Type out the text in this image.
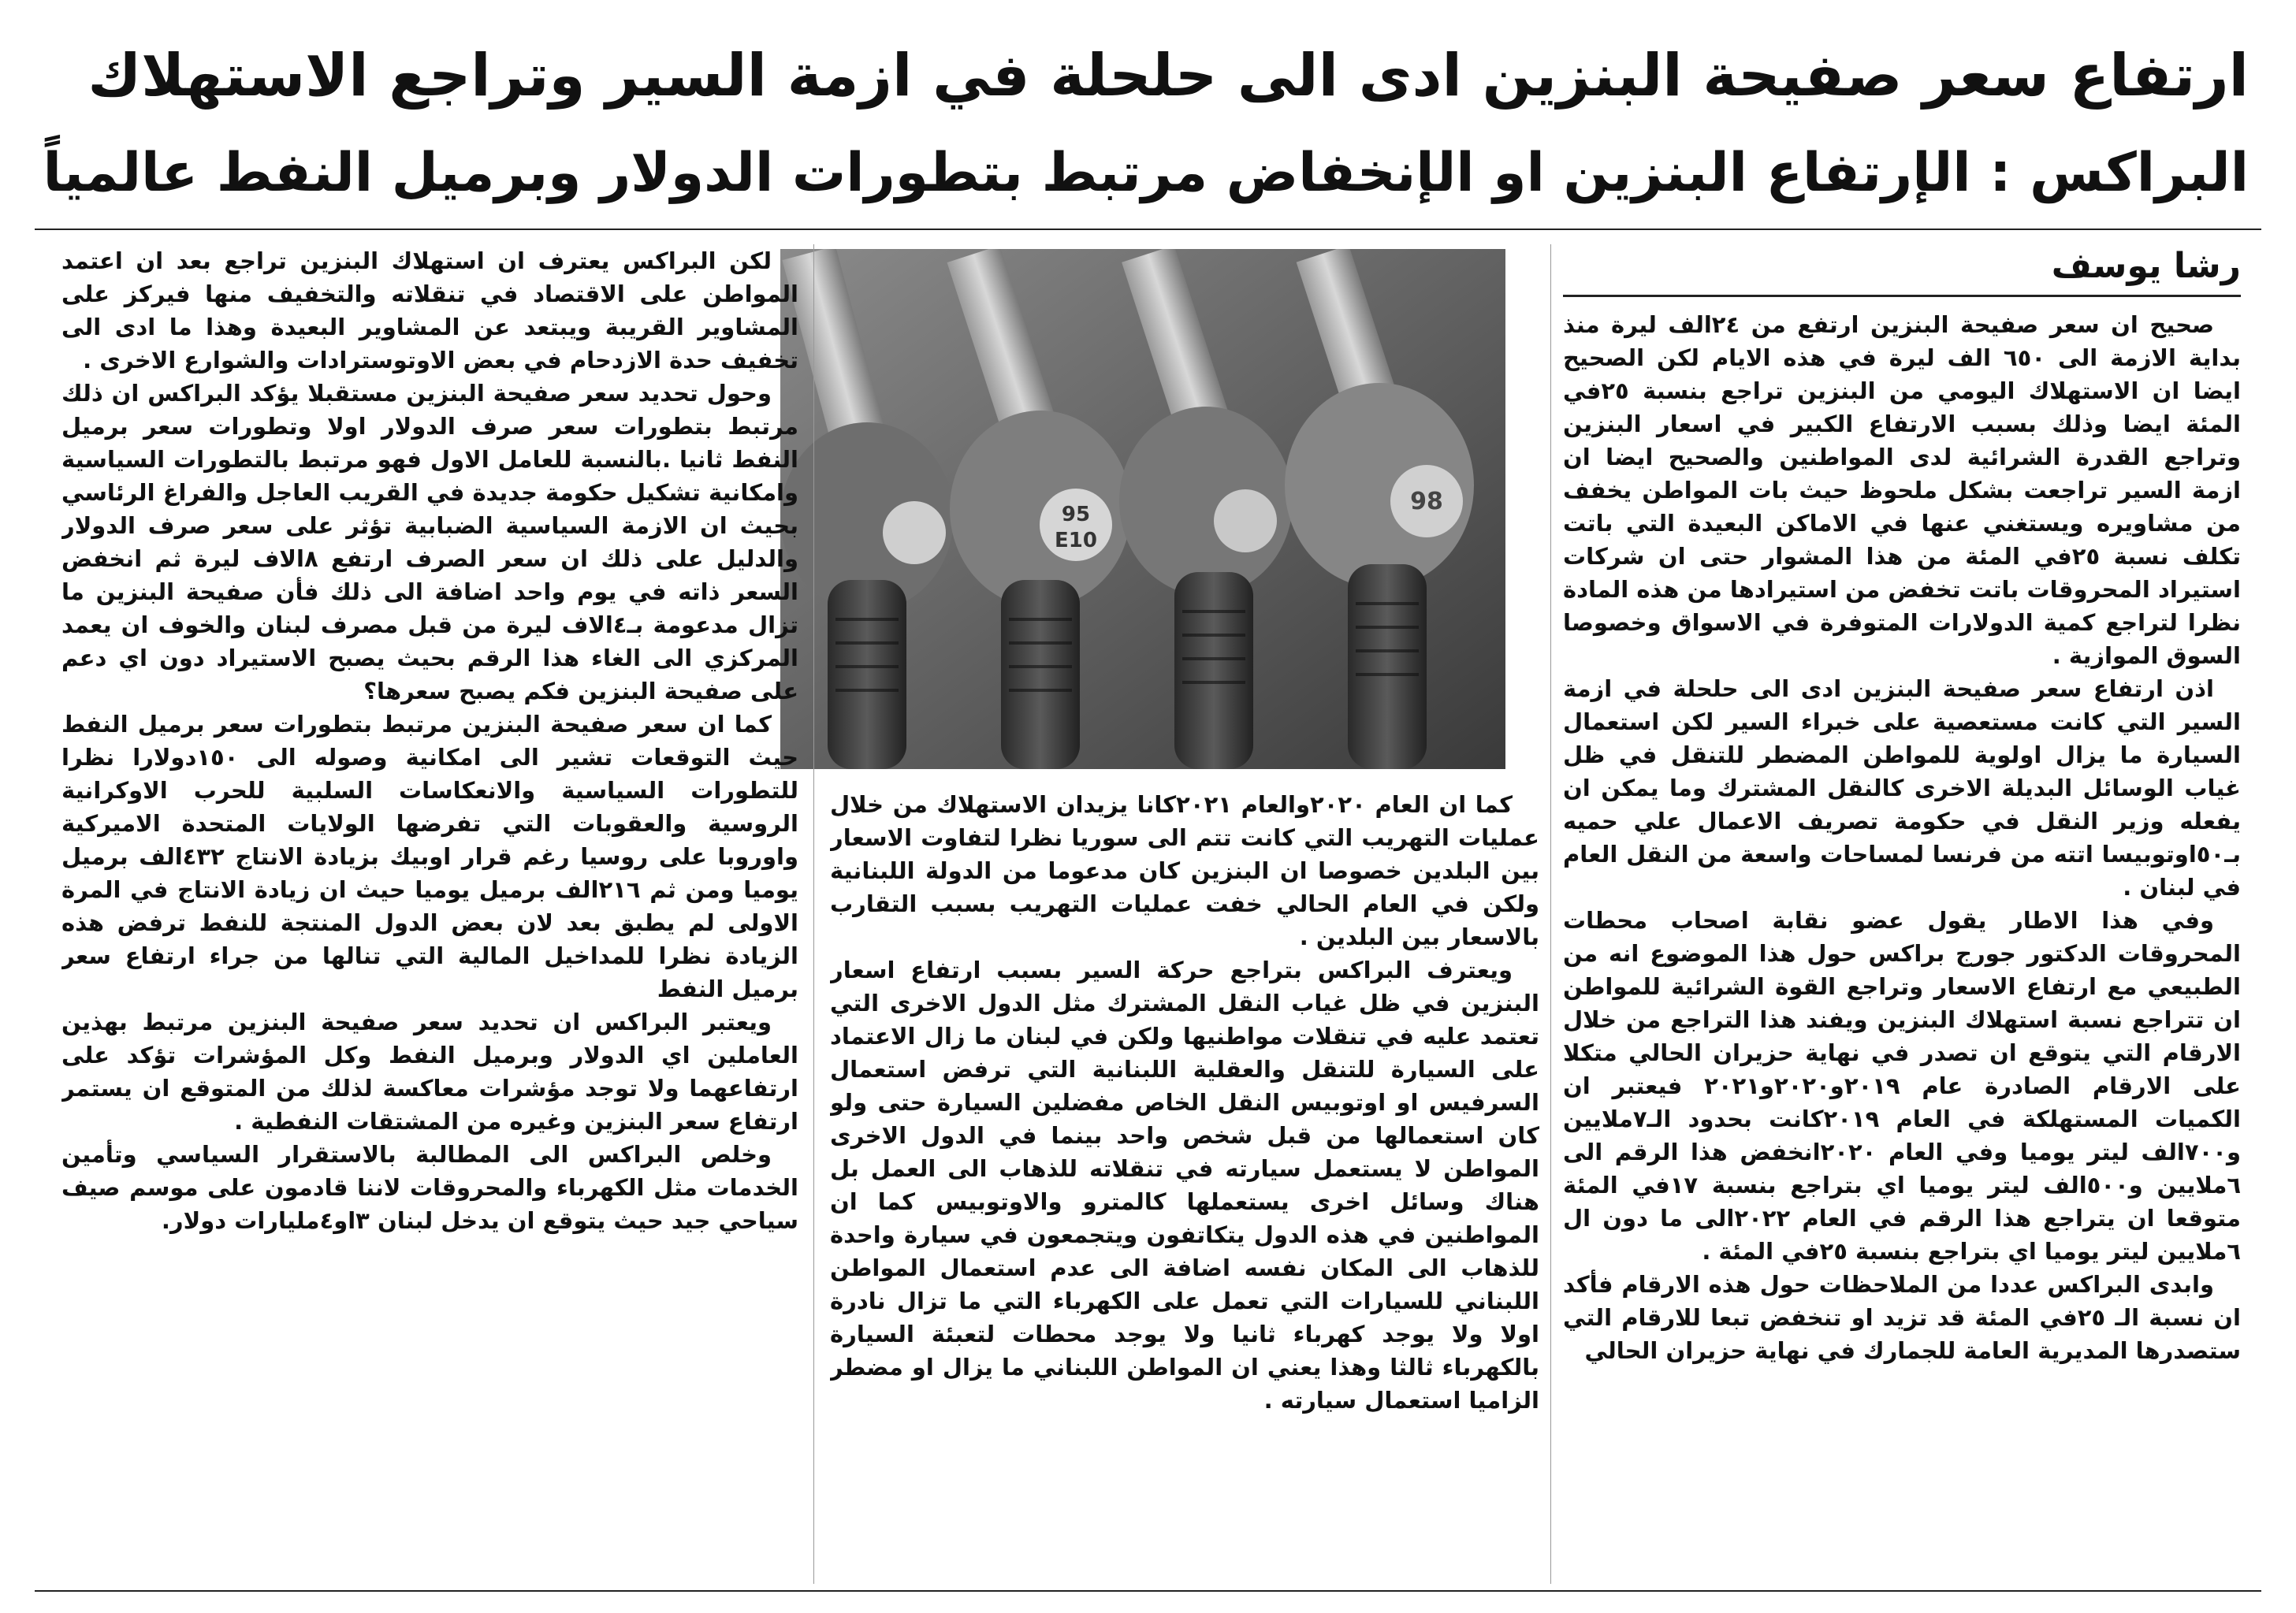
ارتفاع سعر صفيحة البنزين ادى الى حلحلة في ازمة السير وتراجع الاستهلاك
البراكس : الإرتفاع البنزين او الإنخفاض مرتبط بتطورات الدولار وبرميل النفط عالمياً

رشا يوسف

صحيح ان سعر صفيحة البنزين ارتفع من ٢٤الف ليرة منذ بداية الازمة الى ٦٥٠ الف ليرة في هذه الايام لكن الصحيح ايضا ان الاستهلاك اليومي من البنزين تراجع بنسبة ٢٥في المئة ايضا وذلك بسبب الارتفاع الكبير في اسعار البنزين وتراجع القدرة الشرائية لدى المواطنين والصحيح ايضا ان ازمة السير تراجعت بشكل ملحوظ حيث بات المواطن يخفف من مشاويره ويستغني عنها في الاماكن البعيدة التي باتت تكلف نسبة ٢٥في المئة من هذا المشوار حتى ان شركات استيراد المحروقات باتت تخفض من استيرادها من هذه المادة نظرا لتراجع كمية الدولارات المتوفرة في الاسواق وخصوصا السوق الموازية .

اذن ارتفاع سعر صفيحة البنزين ادى الى حلحلة في ازمة السير التي كانت مستعصية على خبراء السير لكن استعمال السيارة ما يزال اولوية للمواطن المضطر للتنقل في ظل غياب الوسائل البديلة الاخرى كالنقل المشترك وما يمكن ان يفعله وزير النقل في حكومة تصريف الاعمال علي حميه بـ٥٠اوتوبيسا اتته من فرنسا لمساحات واسعة من النقل العام في لبنان .

وفي هذا الاطار يقول عضو نقابة اصحاب محطات المحروقات الدكتور جورج براكس حول هذا الموضوع انه من الطبيعي مع ارتفاع الاسعار وتراجع القوة الشرائية للمواطن ان تتراجع نسبة استهلاك البنزين ويفند هذا التراجع من خلال الارقام التي يتوقع ان تصدر في نهاية حزيران الحالي متكلا على الارقام الصادرة عام ٢٠١٩و٢٠٢٠و٢٠٢١ فيعتبر ان الكميات المستهلكة في العام ٢٠١٩كانت بحدود الـ٧ملايين و٧٠٠الف ليتر يوميا وفي العام ٢٠٢٠انخفض هذا الرقم الى ٦ملايين و٥٠٠الف ليتر يوميا اي بتراجع بنسبة ١٧في المئة متوقعا ان يتراجع هذا الرقم في العام ٢٠٢٢الى ما دون ال ٦ملايين ليتر يوميا اي بتراجع بنسبة ٢٥في المئة .

وابدى البراكس عددا من الملاحظات حول هذه الارقام فأكد ان نسبة الـ ٢٥في المئة قد تزيد او تنخفض تبعا للارقام التي ستصدرها المديرية العامة للجمارك في نهاية حزيران الحالي

95
E10
98

كما ان العام ٢٠٢٠والعام ٢٠٢١كانا يزيدان الاستهلاك من خلال عمليات التهريب التي كانت تتم الى سوريا نظرا لتفاوت الاسعار بين البلدين خصوصا ان البنزين كان مدعوما من الدولة اللبنانية ولكن في العام الحالي خفت عمليات التهريب بسبب التقارب بالاسعار بين البلدين .

ويعترف البراكس بتراجع حركة السير بسبب ارتفاع اسعار البنزين في ظل غياب النقل المشترك مثل الدول الاخرى التي تعتمد عليه في تنقلات مواطنيها ولكن في لبنان ما زال الاعتماد على السيارة للتنقل والعقلية اللبنانية التي ترفض استعمال السرفيس او اوتوبيس النقل الخاص مفضلين السيارة حتى ولو كان استعمالها من قبل شخص واحد بينما في الدول الاخرى المواطن لا يستعمل سيارته في تنقلاته للذهاب الى العمل بل هناك وسائل اخرى يستعملها كالمترو والاوتوبيس كما ان المواطنين في هذه الدول يتكاتفون ويتجمعون في سيارة واحدة للذهاب الى المكان نفسه اضافة الى عدم استعمال المواطن اللبناني للسيارات التي تعمل على الكهرباء التي ما تزال نادرة اولا ولا يوجد كهرباء ثانيا ولا يوجد محطات لتعبئة السيارة بالكهرباء ثالثا وهذا يعني ان المواطن اللبناني ما يزال او مضطر الزاميا استعمال سيارته .

لكن البراكس يعترف ان استهلاك البنزين تراجع بعد ان اعتمد المواطن على الاقتصاد في تنقلاته والتخفيف منها فيركز على المشاوير القريبة ويبتعد عن المشاوير البعيدة وهذا ما ادى الى تخفيف حدة الازدحام في بعض الاوتوسترادات والشوارع الاخرى .

وحول تحديد سعر صفيحة البنزين مستقبلا يؤكد البراكس ان ذلك مرتبط بتطورات سعر صرف الدولار اولا وتطورات سعر برميل النفط ثانيا .بالنسبة للعامل الاول فهو مرتبط بالتطورات السياسية وامكانية تشكيل حكومة جديدة في القريب العاجل والفراغ الرئاسي بحيث ان الازمة السياسية الضبابية تؤثر على سعر صرف الدولار والدليل على ذلك ان سعر الصرف ارتفع ٨الاف ليرة ثم انخفض السعر ذاته في يوم واحد اضافة الى ذلك فأن صفيحة البنزين ما تزال مدعومة بـ٤الاف ليرة من قبل مصرف لبنان والخوف ان يعمد المركزي الى الغاء هذا الرقم بحيث يصبح الاستيراد دون اي دعم على صفيحة البنزين فكم يصبح سعرها؟

كما ان سعر صفيحة البنزين مرتبط بتطورات سعر برميل النفط حيث التوقعات تشير الى امكانية وصوله الى ١٥٠دولارا نظرا للتطورات السياسية والانعكاسات السلبية للحرب الاوكرانية الروسية والعقوبات التي تفرضها الولايات المتحدة الاميركية واوروبا على روسيا رغم قرار اوبيك بزيادة الانتاج ٤٣٢الف برميل يوميا ومن ثم ٢١٦الف برميل يوميا حيث ان زيادة الانتاج في المرة الاولى لم يطبق بعد لان بعض الدول المنتجة للنفط ترفض هذه الزيادة نظرا للمداخيل المالية التي تنالها من جراء ارتفاع سعر برميل النفط

ويعتبر البراكس ان تحديد سعر صفيحة البنزين مرتبط بهذين العاملين اي الدولار وبرميل النفط وكل المؤشرات تؤكد على ارتفاعهما ولا توجد مؤشرات معاكسة لذلك من المتوقع ان يستمر ارتفاع سعر البنزين وغيره من المشتقات النفطية .

وخلص البراكس الى المطالبة بالاستقرار السياسي وتأمين الخدمات مثل الكهرباء والمحروقات لاننا قادمون على موسم صيف سياحي جيد حيث يتوقع ان يدخل لبنان ٣او٤مليارات دولار.
